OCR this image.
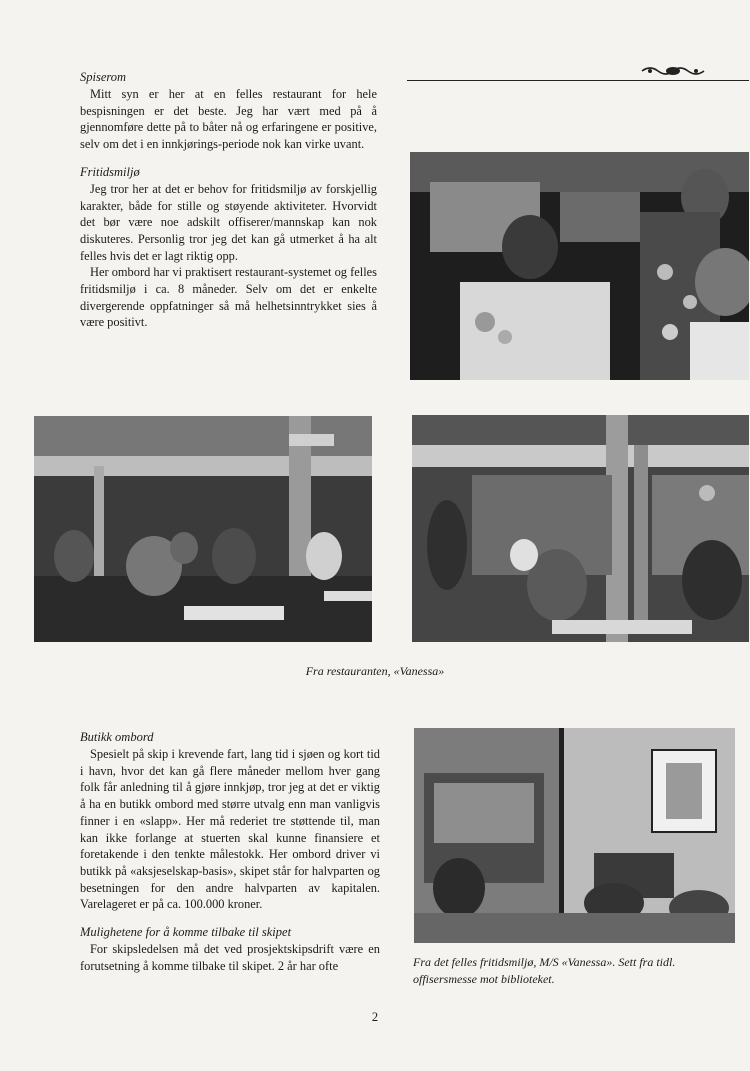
Spiserom

Mitt syn er her at en felles restaurant for hele bespisningen er det beste. Jeg har vært med på å gjennomføre dette på to båter nå og erfaringene er positive, selv om det i en innkjørings-periode nok kan virke uvant.

Fritidsmiljø

Jeg tror her at det er behov for fritidsmiljø av forskjellig karakter, både for stille og støyende aktiviteter. Hvorvidt det bør være noe adskilt offiserer/mannskap kan nok diskuteres. Personlig tror jeg det kan gå utmerket å ha alt felles hvis det er lagt riktig opp.

Her ombord har vi praktisert restaurant-systemet og felles fritidsmiljø i ca. 8 måneder. Selv om det er enkelte divergerende oppfatninger så må helhetsinntrykket sies å være positivt.

Fra restauranten, «Vanessa»
Butikk ombord

Spesielt på skip i krevende fart, lang tid i sjøen og kort tid i havn, hvor det kan gå flere måneder mellom hver gang folk får anledning til å gjøre innkjøp, tror jeg at det er viktig å ha en butikk ombord med større utvalg enn man vanligvis finner i en «slapp». Her må rederiet tre støttende til, man kan ikke forlange at stuerten skal kunne finansiere et foretakende i den tenkte målestokk. Her ombord driver vi butikk på «aksjeselskap-basis», skipet står for halvparten og besetningen for den andre halvparten av kapitalen. Varelageret er på ca. 100.000 kroner.

Mulighetene for å komme tilbake til skipet

For skipsledelsen må det ved prosjektskipsdrift være en forutsetning å komme tilbake til skipet. 2 år har ofte	Fra det felles fritidsmiljø, M/S «Vanessa». Sett fra tidl.
offisersmesse mot biblioteket.
2
